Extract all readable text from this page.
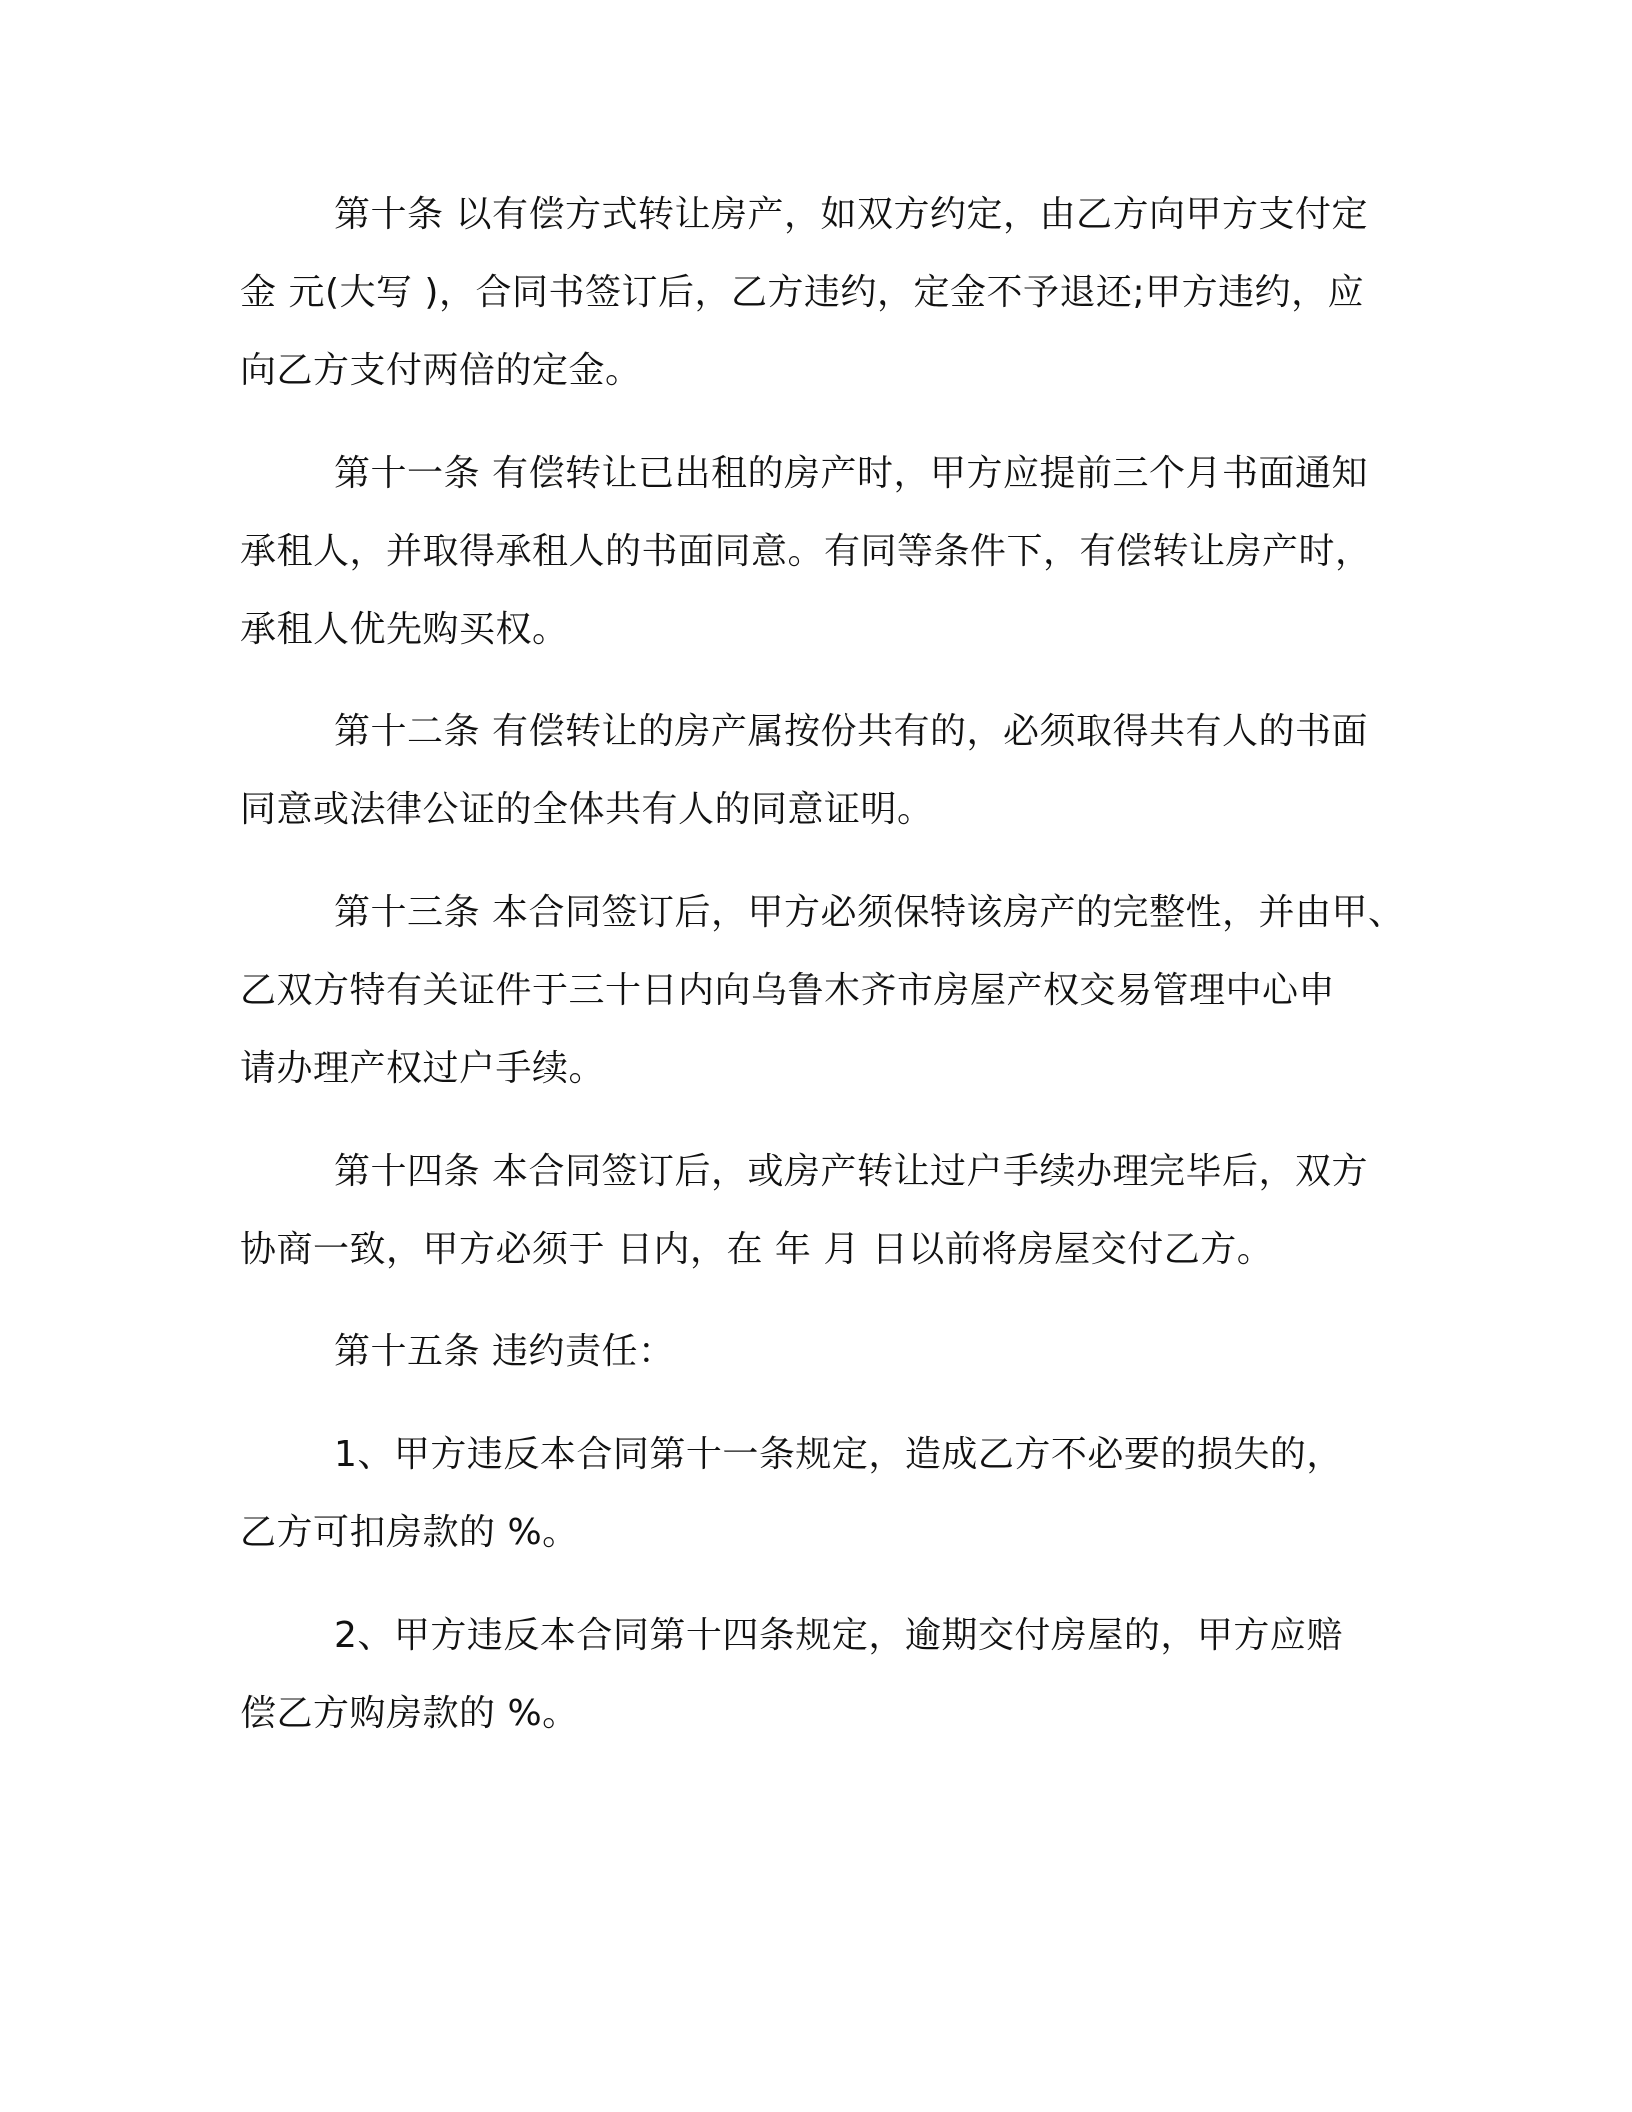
第十条 以有偿方式转让房产，如双方约定，由乙方向甲方支付定
金 元(大写 )，合同书签订后，乙方违约，定金不予退还;甲方违约，应
向乙方支付两倍的定金。
第十一条 有偿转让已出租的房产时，甲方应提前三个月书面通知
承租人，并取得承租人的书面同意。有同等条件下，有偿转让房产时，
承租人优先购买权。
第十二条 有偿转让的房产属按份共有的，必须取得共有人的书面
同意或法律公证的全体共有人的同意证明。
第十三条 本合同签订后，甲方必须保特该房产的完整性，并由甲、
乙双方特有关证件于三十日内向乌鲁木齐市房屋产权交易管理中心申
请办理产权过户手续。
第十四条 本合同签订后，或房产转让过户手续办理完毕后，双方
协商一致，甲方必须于 日内，在 年 月 日以前将房屋交付乙方。
第十五条 违约责任：
1、甲方违反本合同第十一条规定，造成乙方不必要的损失的，
乙方可扣房款的 %。
2、甲方违反本合同第十四条规定，逾期交付房屋的，甲方应赔
偿乙方购房款的 %。
